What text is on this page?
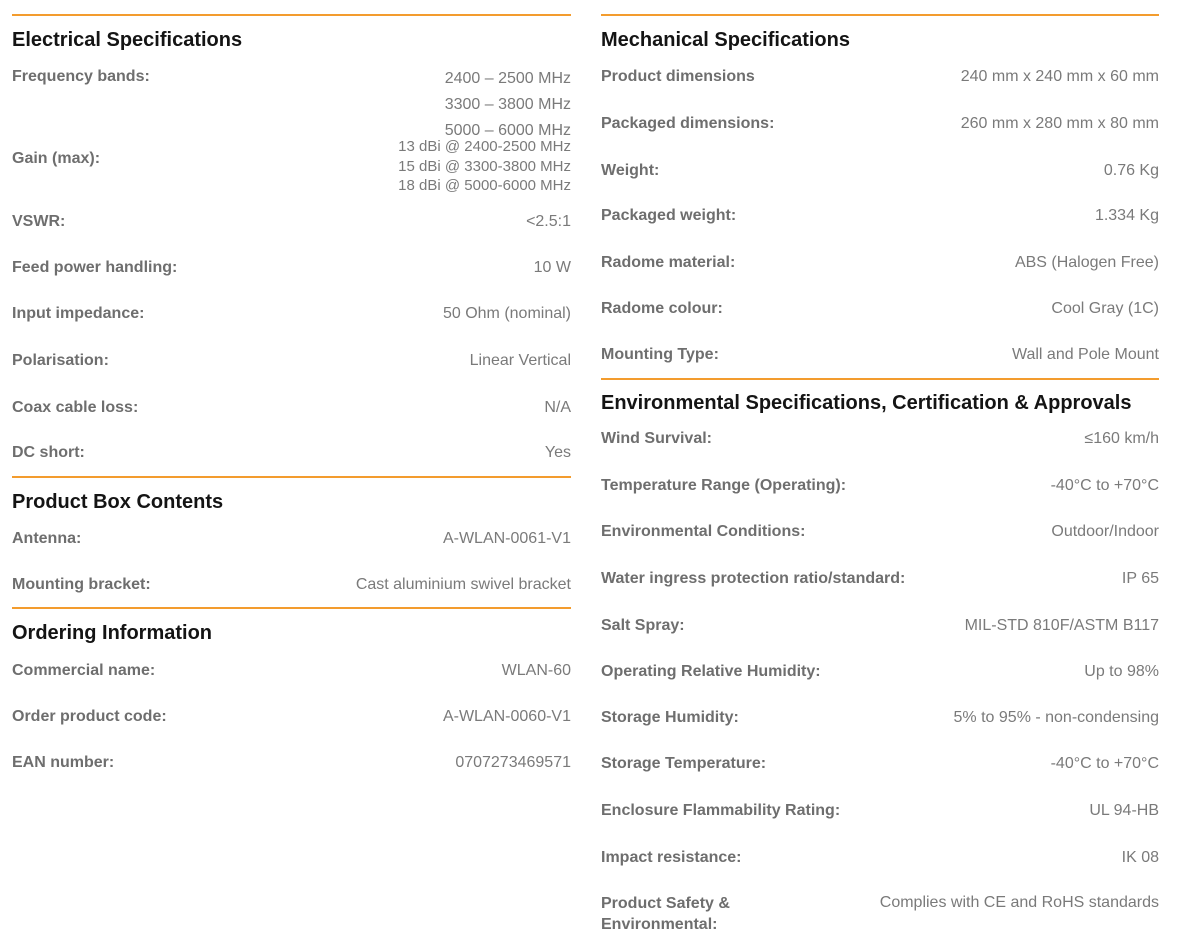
Electrical Specifications
Frequency bands:	2400 – 2500 MHz
3300 – 3800 MHz
5000 – 6000 MHz
Gain (max):
13 dBi @ 2400-2500 MHz
15 dBi @ 3300-3800 MHz
18 dBi @ 5000-6000 MHz
VSWR:	<2.5:1
Feed power handling:	10 W
Input impedance:	50 Ohm (nominal)
Polarisation:	Linear Vertical
Coax cable loss:	N/A
DC short:	Yes
Product Box Contents
Antenna:	A-WLAN-0061-V1
Mounting bracket:	Cast aluminium swivel bracket
Ordering Information
Commercial name:	WLAN-60
Order product code:	A-WLAN-0060-V1
EAN number:	0707273469571
Mechanical Specifications
Product dimensions	240 mm x 240 mm x 60 mm
Packaged dimensions:	260 mm x 280 mm x 80 mm
Weight:	0.76 Kg
Packaged weight:	1.334 Kg
Radome material:	ABS (Halogen Free)
Radome colour:	Cool Gray (1C)
Mounting Type:	Wall and Pole Mount
Environmental Specifications, Certification & Approvals
Wind Survival:	≤160 km/h
Temperature Range (Operating):	-40°C to +70°C
Environmental Conditions:	Outdoor/Indoor
Water ingress protection ratio/standard:	IP 65
Salt Spray:	MIL-STD 810F/ASTM B117
Operating Relative Humidity:	Up to 98%
Storage Humidity:	5% to 95% - non-condensing
Storage Temperature:	-40°C to +70°C
Enclosure Flammability Rating:	UL 94-HB
Impact resistance:	IK 08
Product Safety & Environmental:
Complies with CE and RoHS standards
